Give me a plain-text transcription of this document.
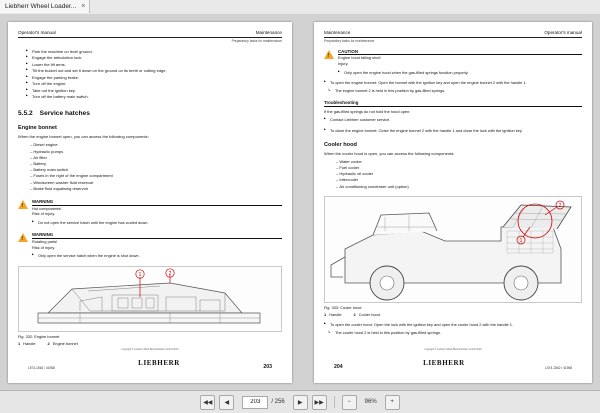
Liebherr Wheel Loader... ×
Operator's manual	Maintenance
Preparatory tasks for maintenance
▶ Park the machine on level ground.
▶ Engage the articulation lock.
▶ Lower the lift arms.
▶ Tilt the bucket out and set it down on the ground on its teeth or cutting edge.
▶ Engage the parking brake.
▶ Turn off the engine.
▶ Take out the ignition key.
▶ Turn off the battery main switch.
5.5.2 Service hatches
Engine bonnet
When the engine bonnet open, you can access the following components:
– Diesel engine
– Hydraulic pumps
– Air filter
– Battery
– Battery main switch
– Fuses in the right of the engine compartment
– Windscreen washer fluid reservoir
– Brake fluid equalising reservoir
!
WARNING
Hot components!
Risk of injury.
▶ Do not open the service hatch until the engine has cooled down.
!
WARNING
Rotating parts!
Risk of injury.
▶ Only open the service hatch when the engine is shut down.
2
1
Fig. 332: Engine bonnet
1 Handle	2 Engine bonnet
copyright © Liebherr-Werk Bischofshofen GmbH 2019
L574-1562 / 41968
LIEBHERR	203
Maintenance	Operator's manual
Preparatory tasks for maintenance
!
CAUTION
Engine hood falling shut!
Injury.
▶ Only open the engine hood when the gas-filled springs function properly.
▶ To open the engine bonnet: Open the bonnet with the ignition key and open the engine bonnet 2 with the handle 1.
↳ The engine bonnet 2 is held in this position by gas-filled springs.
Troubleshooting
If the gas-filled springs do not hold the hood open:
▶ Contact Liebherr customer service.
▶ To close the engine bonnet: Close the engine bonnet 2 with the handle 1 and close the lock with the ignition key.
Cooler hood
When the cooler hood is open, you can access the following components:
– Water cooler
– Fuel cooler
– Hydraulic oil cooler
– Intercooler
– Air conditioning condenser unit (option)
1
2
Fig. 333: Cooler hood
1 Handle	2 Cooler hood
▶ To open the cooler hood: Open the lock with the ignition key and open the cooler hood 2 with the handle 1.
↳ The cooler hood 2 is held in this position by gas-filled springs.
copyright © Liebherr-Werk Bischofshofen GmbH 2019
204	LIEBHERR
L574-1562 / 41968
◀◀	◀
203	/ 256	▶	▶▶	−	96%	+
